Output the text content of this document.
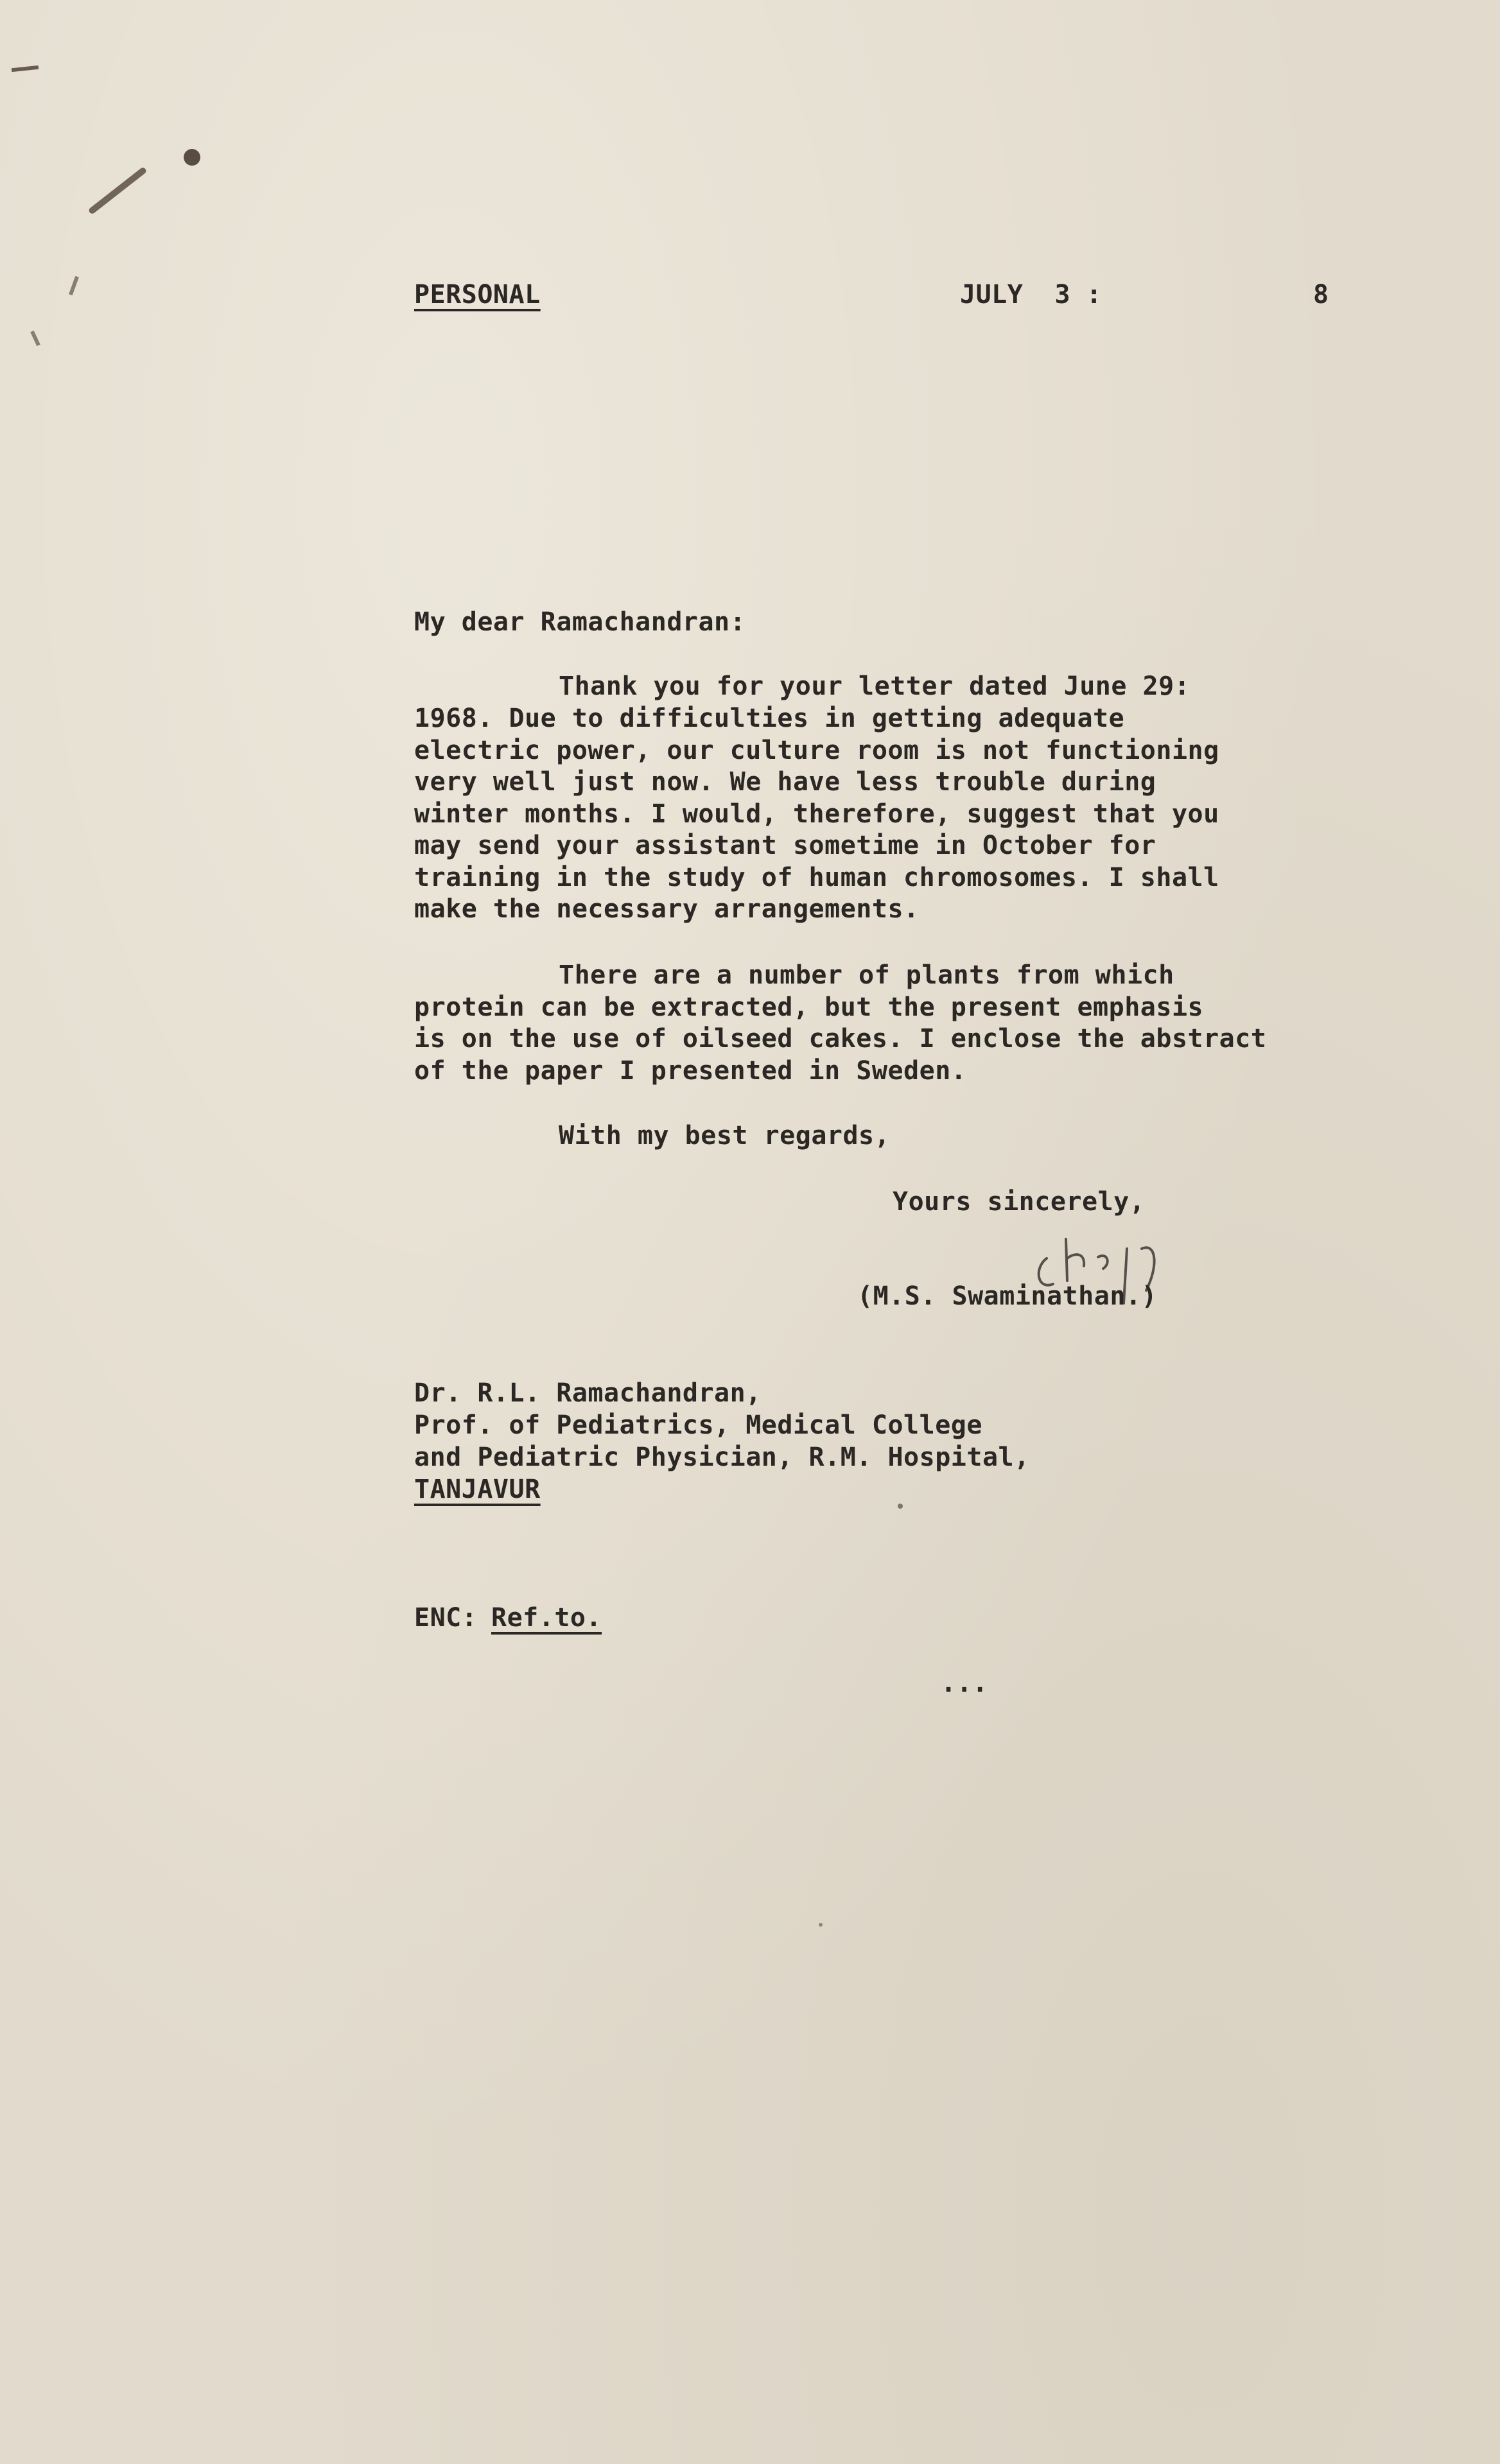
PERSONAL	JULY  3 :	8
My dear Ramachandran:
Thank you for your letter dated June 29:
1968. Due to difficulties in getting adequate
electric power, our culture room is not functioning
very well just now. We have less trouble during
winter months. I would, therefore, suggest that you
may send your assistant sometime in October for
training in the study of human chromosomes. I shall
make the necessary arrangements.
There are a number of plants from which
protein can be extracted, but the present emphasis
is on the use of oilseed cakes. I enclose the abstract
of the paper I presented in Sweden.
With my best regards,
Yours sincerely,
(M.S. Swaminathan.)
Dr. R.L. Ramachandran,
Prof. of Pediatrics, Medical College
and Pediatric Physician, R.M. Hospital,
TANJAVUR
ENC: Ref.to.
...
